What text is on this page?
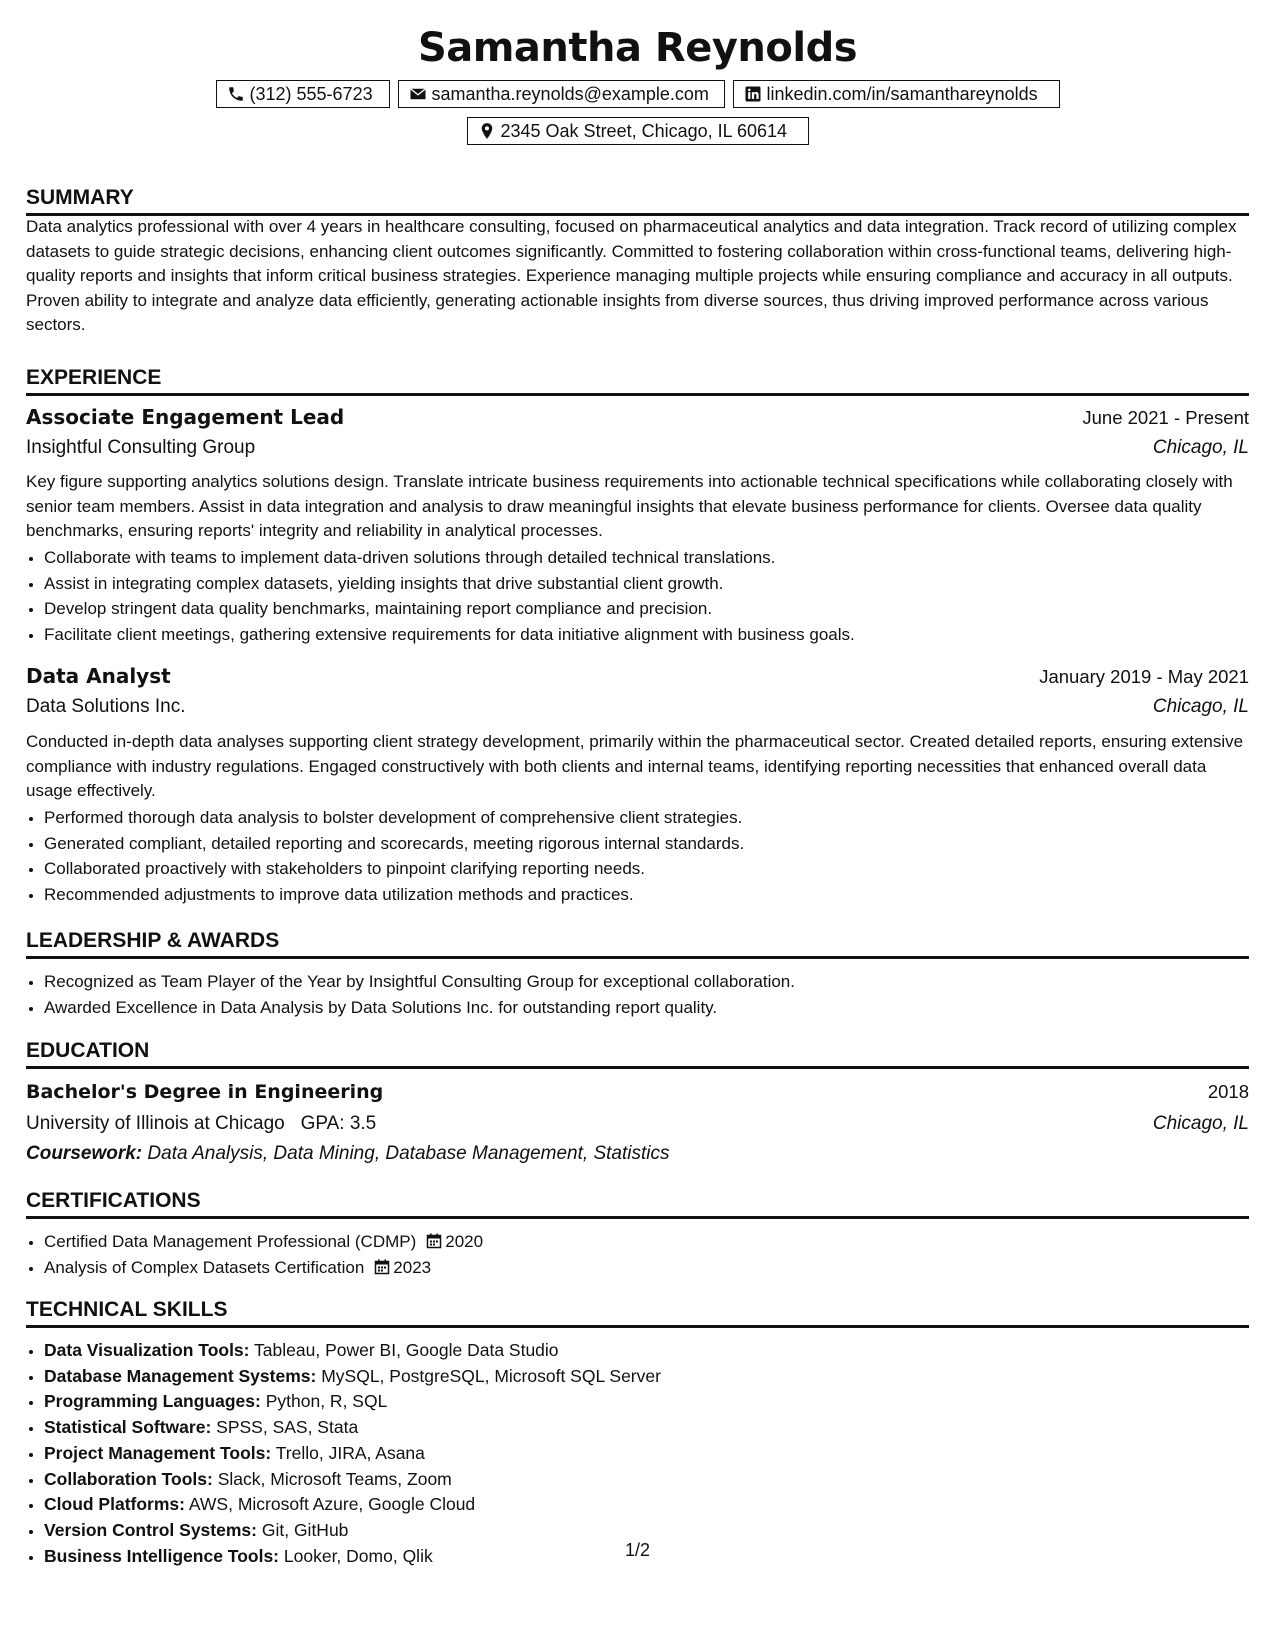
Samantha Reynolds
(312) 555-6723	samantha.reynolds@example.com	linkedin.com/in/samanthareynolds
2345 Oak Street, Chicago, IL 60614
SUMMARY

Data analytics professional with over 4 years in healthcare consulting, focused on pharmaceutical analytics and data integration. Track record of utilizing complex datasets to guide strategic decisions, enhancing client outcomes significantly. Committed to fostering collaboration within cross-functional teams, delivering high-quality reports and insights that inform critical business strategies. Experience managing multiple projects while ensuring compliance and accuracy in all outputs. Proven ability to integrate and analyze data efficiently, generating actionable insights from diverse sources, thus driving improved performance across various sectors.

EXPERIENCE
Associate Engagement Lead	June 2021 - Present
Insightful Consulting Group	Chicago, IL

Key figure supporting analytics solutions design. Translate intricate business requirements into actionable technical specifications while collaborating closely with senior team members. Assist in data integration and analysis to draw meaningful insights that elevate business performance for clients. Oversee data quality benchmarks, ensuring reports' integrity and reliability in analytical processes.

• Collaborate with teams to implement data-driven solutions through detailed technical translations.
• Assist in integrating complex datasets, yielding insights that drive substantial client growth.
• Develop stringent data quality benchmarks, maintaining report compliance and precision.
• Facilitate client meetings, gathering extensive requirements for data initiative alignment with business goals.
Data Analyst	January 2019 - May 2021
Data Solutions Inc.	Chicago, IL

Conducted in-depth data analyses supporting client strategy development, primarily within the pharmaceutical sector. Created detailed reports, ensuring extensive compliance with industry regulations. Engaged constructively with both clients and internal teams, identifying reporting necessities that enhanced overall data usage effectively.

• Performed thorough data analysis to bolster development of comprehensive client strategies.
• Generated compliant, detailed reporting and scorecards, meeting rigorous internal standards.
• Collaborated proactively with stakeholders to pinpoint clarifying reporting needs.
• Recommended adjustments to improve data utilization methods and practices.
LEADERSHIP & AWARDS
• Recognized as Team Player of the Year by Insightful Consulting Group for exceptional collaboration.
• Awarded Excellence in Data Analysis by Data Solutions Inc. for outstanding report quality.
EDUCATION
Bachelor's Degree in Engineering	2018
University of Illinois at Chicago GPA: 3.5	Chicago, IL
Coursework:
Data Analysis, Data Mining, Database Management, Statistics
CERTIFICATIONS
• Certified Data Management Professional (CDMP) 2020
• Analysis of Complex Datasets Certification 2023
TECHNICAL SKILLS
• Data Visualization Tools: Tableau, Power BI, Google Data Studio
• Database Management Systems: MySQL, PostgreSQL, Microsoft SQL Server
• Programming Languages: Python, R, SQL
• Statistical Software: SPSS, SAS, Stata
• Project Management Tools: Trello, JIRA, Asana
• Collaboration Tools: Slack, Microsoft Teams, Zoom
• Cloud Platforms: AWS, Microsoft Azure, Google Cloud
• Version Control Systems: Git, GitHub
• Business Intelligence Tools: Looker, Domo, Qlik	1/2
